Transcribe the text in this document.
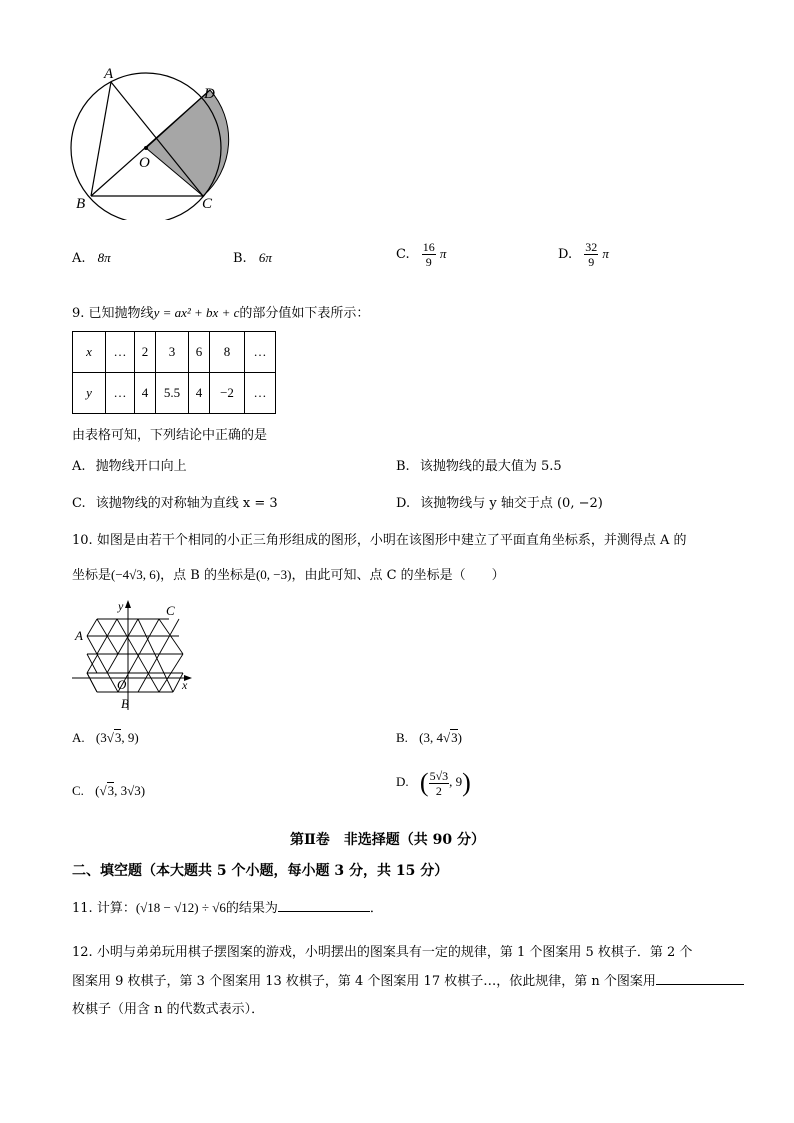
A
D
O
B	C
A. 8π	B. 6π	C. $\frac{16}{9}$ π	D. $\frac{32}{9}$ π
9. 已知抛物线y = ax² + bx + c的部分值如下表所示：
x	…	2	3	6	8	…
y	…	4	5.5	4	−2	…
由表格可知，下列结论中正确的是
A. 抛物线开口向上	B. 该抛物线的最大值为 5.5
C. 该抛物线的对称轴为直线 x = 3	D. 该抛物线与 y 轴交于点 (0, −2)
10. 如图是由若干个相同的小正三角形组成的图形，小明在该图形中建立了平面直角坐标系，并测得点 A 的
坐标是(−4√3, 6)，点 B 的坐标是(0, −3)，由此可知、点 C 的坐标是（　　）
y
x
C
A
O
B
A. (3√3, 9)	B. (3, 4√3)
C. (√3, 3√3)
D. ( $\frac{5√3}{2}$ , 9)
第Ⅱ卷　非选择题（共 90 分）
二、填空题（本大题共 5 个小题，每小题 3 分，共 15 分）
11. 计算：(√18 − √12) ÷ √6的结果为	．
12. 小明与弟弟玩用棋子摆图案的游戏，小明摆出的图案具有一定的规律，第 1 个图案用 5 枚棋子．第 2 个
图案用 9 枚棋子，第 3 个图案用 13 枚棋子，第 4 个图案用 17 枚棋子…，依此规律，第 n 个图案用
枚棋子（用含 n 的代数式表示）．
